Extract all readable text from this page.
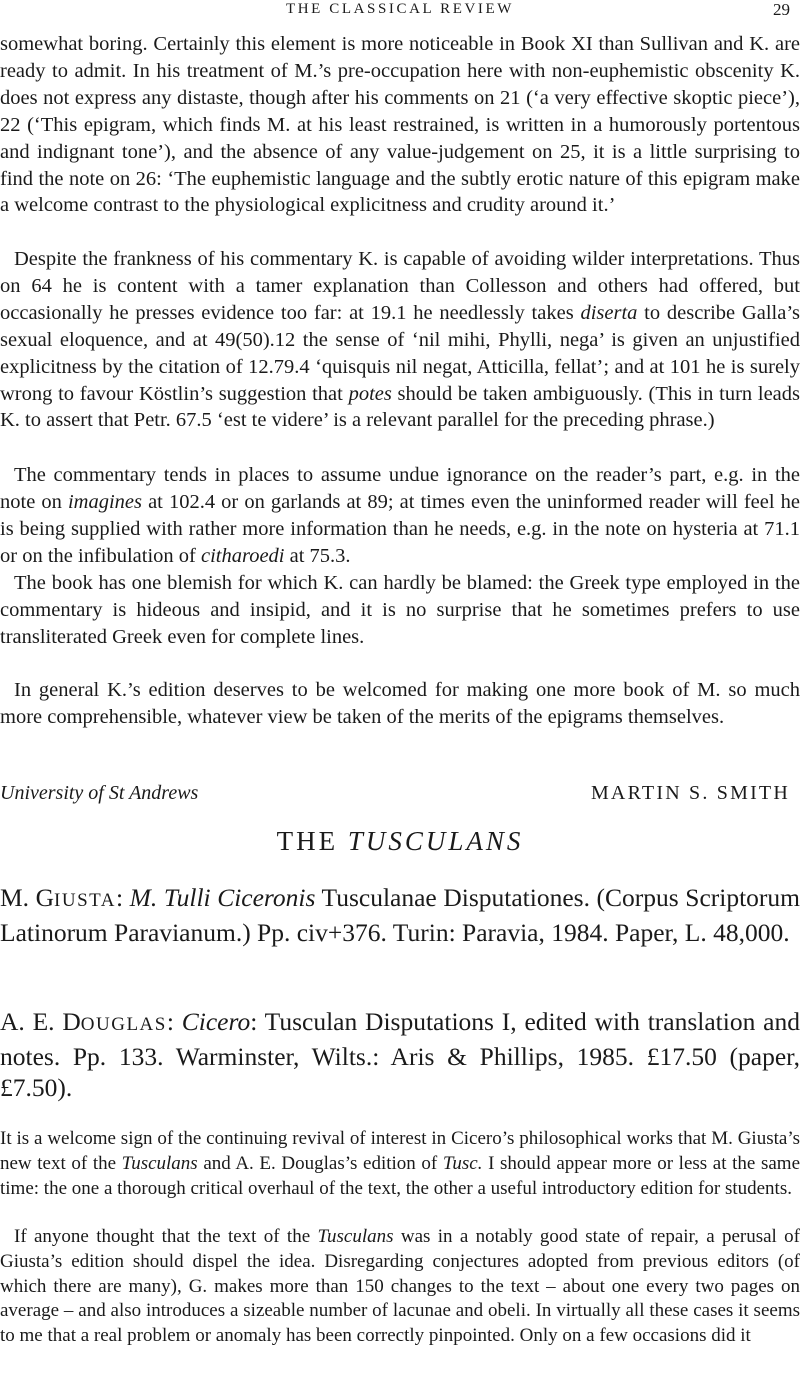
THE CLASSICAL REVIEW	29

somewhat boring. Certainly this element is more noticeable in Book XI than Sullivan and K. are ready to admit. In his treatment of M.’s pre-occupation here with non-euphemistic obscenity K. does not express any distaste, though after his comments on 21 (‘a very effective skoptic piece’), 22 (‘This epigram, which finds M. at his least restrained, is written in a humorously portentous and indignant tone’), and the absence of any value-judgement on 25, it is a little surprising to find the note on 26: ‘The euphemistic language and the subtly erotic nature of this epigram make a welcome contrast to the physiological explicitness and crudity around it.’

Despite the frankness of his commentary K. is capable of avoiding wilder interpretations. Thus on 64 he is content with a tamer explanation than Collesson and others had offered, but occasionally he presses evidence too far: at 19.1 he needlessly takes diserta to describe Galla’s sexual eloquence, and at 49(50).12 the sense of ‘nil mihi, Phylli, nega’ is given an unjustified explicitness by the citation of 12.79.4 ‘quisquis nil negat, Atticilla, fellat’; and at 101 he is surely wrong to favour Köstlin’s suggestion that potes should be taken ambiguously. (This in turn leads K. to assert that Petr. 67.5 ‘est te videre’ is a relevant parallel for the preceding phrase.)

The commentary tends in places to assume undue ignorance on the reader’s part, e.g. in the note on imagines at 102.4 or on garlands at 89; at times even the uninformed reader will feel he is being supplied with rather more information than he needs, e.g. in the note on hysteria at 71.1 or on the infibulation of citharoedi at 75.3.

The book has one blemish for which K. can hardly be blamed: the Greek type employed in the commentary is hideous and insipid, and it is no surprise that he sometimes prefers to use transliterated Greek even for complete lines.

In general K.’s edition deserves to be welcomed for making one more book of M. so much more comprehensible, whatever view be taken of the merits of the epigrams themselves.

University of St Andrews	MARTIN S. SMITH
THE TUSCULANS

M. GIUSTA: M. Tulli Ciceronis Tusculanae Disputationes. (Corpus Scriptorum Latinorum Paravianum.) Pp. civ+376. Turin: Paravia, 1984. Paper, L. 48,000.

A. E. DOUGLAS: Cicero: Tusculan Disputations I, edited with translation and notes. Pp. 133. Warminster, Wilts.: Aris & Phillips, 1985. £17.50 (paper, £7.50).

It is a welcome sign of the continuing revival of interest in Cicero’s philosophical works that M. Giusta’s new text of the Tusculans and A. E. Douglas’s edition of Tusc. I should appear more or less at the same time: the one a thorough critical overhaul of the text, the other a useful introductory edition for students.

If anyone thought that the text of the Tusculans was in a notably good state of repair, a perusal of Giusta’s edition should dispel the idea. Disregarding conjectures adopted from previous editors (of which there are many), G. makes more than 150 changes to the text – about one every two pages on average – and also introduces a sizeable number of lacunae and obeli. In virtually all these cases it seems to me that a real problem or anomaly has been correctly pinpointed. Only on a few occasions did it
